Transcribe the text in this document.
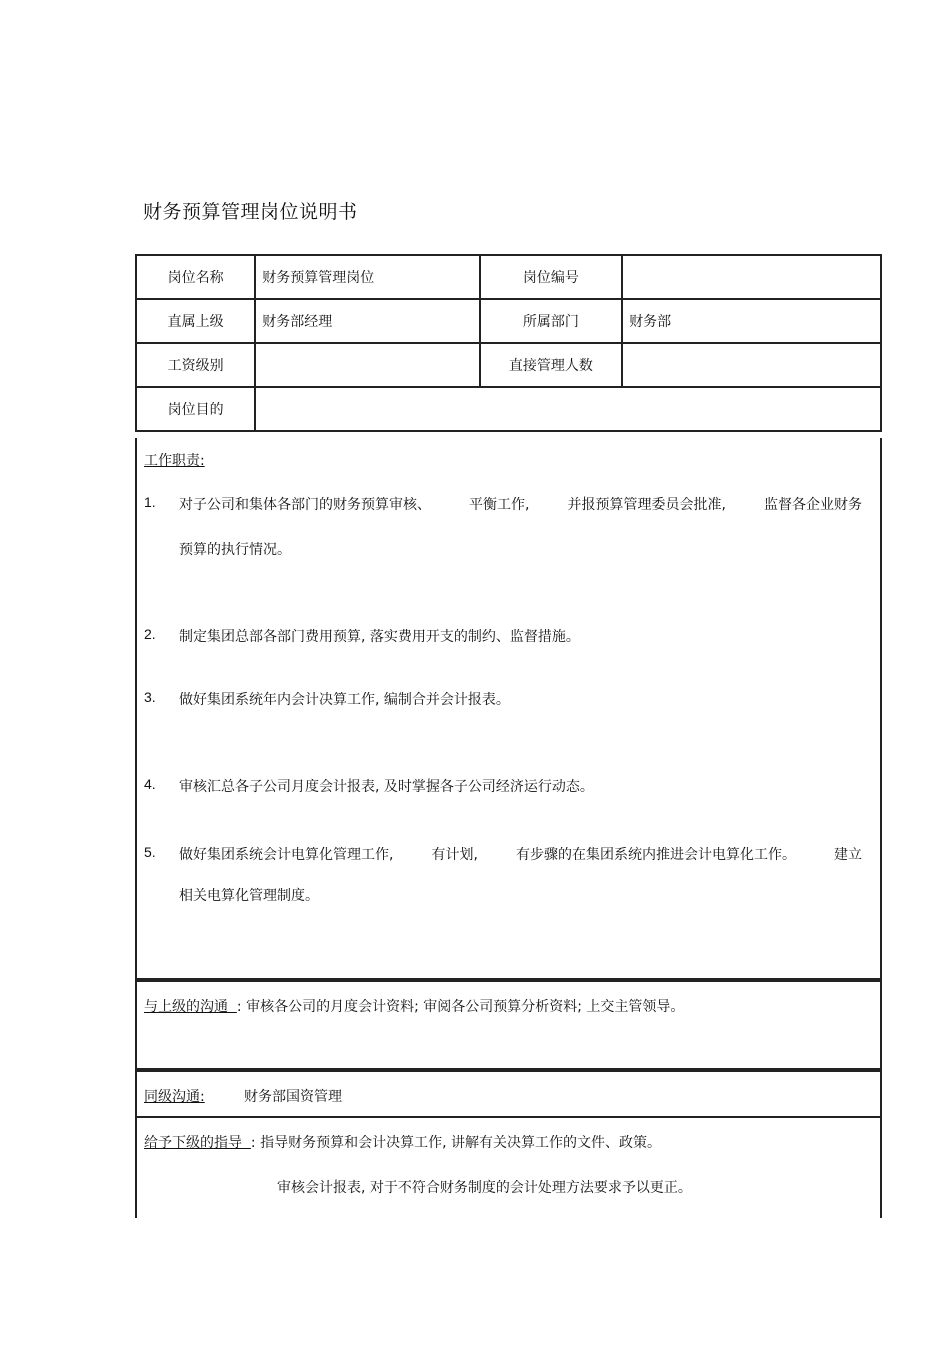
财务预算管理岗位说明书
岗位名称	财务预算管理岗位	岗位编号	
直属上级	财务部经理	所属部门	财务部
工资级别		直接管理人数	
岗位目的			
工作职责:
1. 对子公司和集体各部门的财务预算审核、	平衡工作,	并报预算管理委员会批准,	监督各企业财务
预算的执行情况。
2. 制定集团总部各部门费用预算, 落实费用开支的制约、监督措施。
3. 做好集团系统年内会计决算工作, 编制合并会计报表。
4. 审核汇总各子公司月度会计报表, 及时掌握各子公司经济运行动态。
5. 做好集团系统会计电算化管理工作,	有计划,	有步骤的在集团系统内推进会计电算化工作。	建立
相关电算化管理制度。
与上级的沟通 : 审核各公司的月度会计资料; 审阅各公司预算分析资料; 上交主管领导。
同级沟通:	财务部国资管理
给予下级的指导 : 指导财务预算和会计决算工作, 讲解有关决算工作的文件、政策。
审核会计报表, 对于不符合财务制度的会计处理方法要求予以更正。
